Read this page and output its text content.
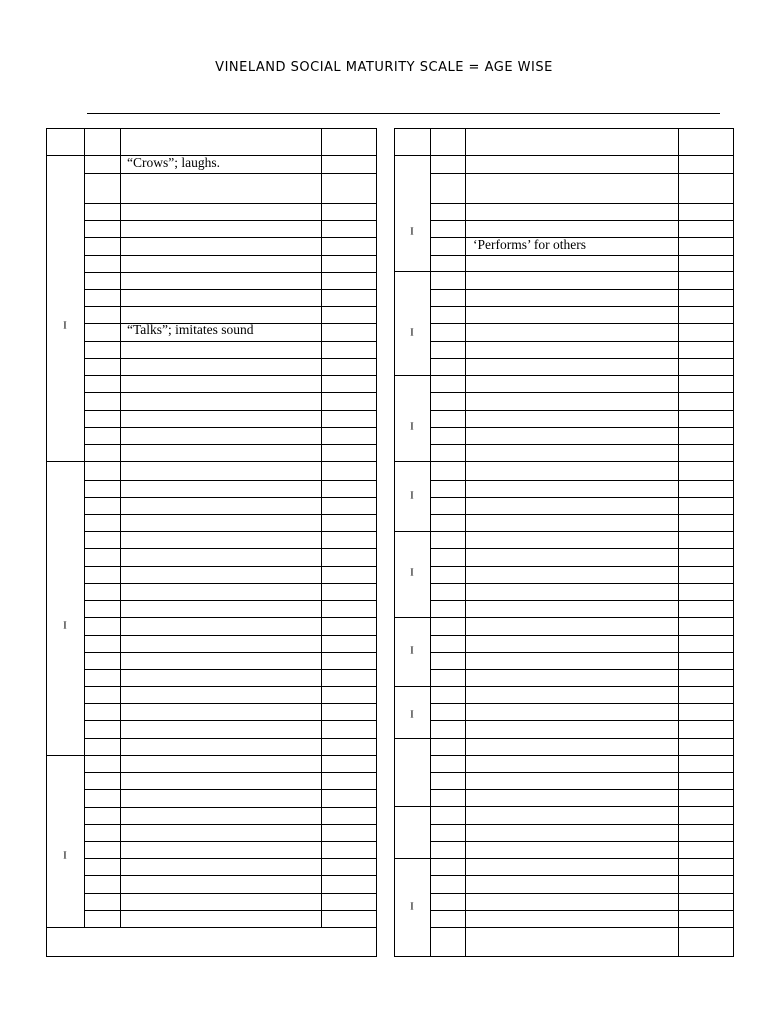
VINELAND SOCIAL MATURITY SCALE = AGE WISE
“Crows”; laughs.
“Talks”; imitates sound
‘Performs’ for others
I
I
I
I
I
I
I
I
I
I
I
